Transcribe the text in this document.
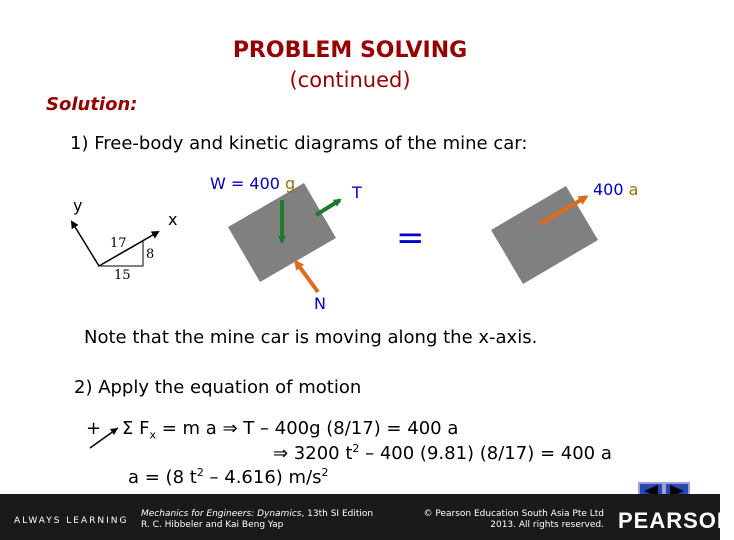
PROBLEM SOLVING
(continued)
Solution:
1) Free-body and kinetic diagrams of the mine car:
W = 400 g	T	400 a
N
=
y
x
17
8
15
Note that the mine car is moving along the x-axis.
2) Apply the equation of motion
+ Σ $F_x = m$ a ⇒ T – 400g (8/17) = 400 a
⇒ 3200 $t^2 - 400$ (9.81) (8/17) = 400 a
a = (8 $t^2 - 4.616$) $m/s^2$
ALWAYS LEARNING
Mechanics for Engineers: Dynamics, 13th SI Edition
R. C. Hibbeler and Kai Beng Yap
© Pearson Education South Asia Pte Ltd
2013. All rights reserved. PEARSON
